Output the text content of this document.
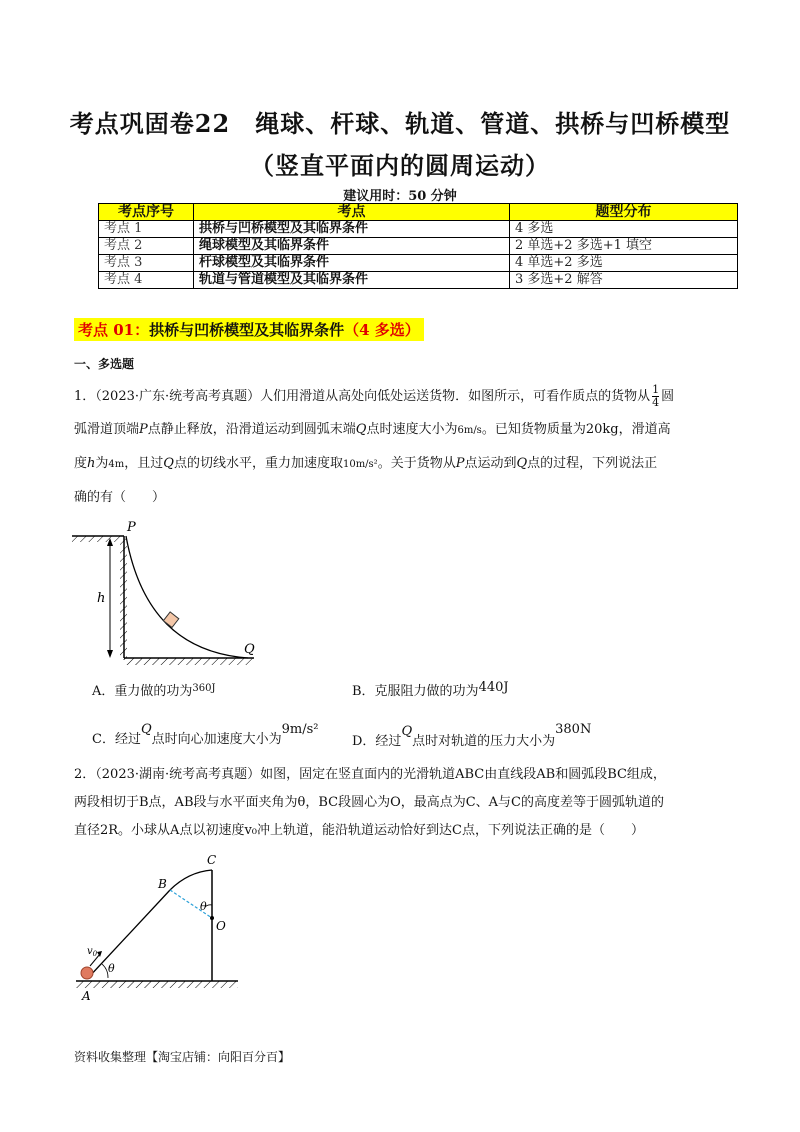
考点巩固卷22　绳球、杆球、轨道、管道、拱桥与凹桥模型
（竖直平面内的圆周运动）
建议用时：50 分钟
考点序号	考点	题型分布
考点 1	拱桥与凹桥模型及其临界条件	4 多选
考点 2	绳球模型及其临界条件	2 单选+2 多选+1 填空
考点 3	杆球模型及其临界条件	4 单选+2 多选
考点 4	轨道与管道模型及其临界条件	3 多选+2 解答
考点 01：拱桥与凹桥模型及其临界条件（4 多选）
一、多选题
1．（2023·广东·统考高考真题）人们用滑道从高处向低处运送货物．如图所示，可看作质点的货物从 $\frac{1}{4}$ 圆
弧滑道顶端P点静止释放，沿滑道运动到圆弧末端Q点时速度大小为6m/s。已知货物质量为20kg，滑道高
度h为4m，且过Q点的切线水平，重力加速度取10m/s²。关于货物从P点运动到Q点的过程，下列说法正
确的有（　　）
P
h
Q
A．重力做的功为$^{360J}$	B．克服阻力做的功为440J
C．经过Q点时向心加速度大小为9m/s²
D．经过Q点时对轨道的压力大小为380N
2．（2023·湖南·统考高考真题）如图，固定在竖直面内的光滑轨道ABC由直线段AB和圆弧段BC组成，
两段相切于B点，AB段与水平面夹角为θ，BC段圆心为O，最高点为C、A与C的高度差等于圆弧轨道的
直径2R。小球从A点以初速度v₀冲上轨道，能沿轨道运动恰好到达C点，下列说法正确的是（　　）
A
B
C
O
θ
θ
$v_0$
资料收集整理【淘宝店铺：向阳百分百】
